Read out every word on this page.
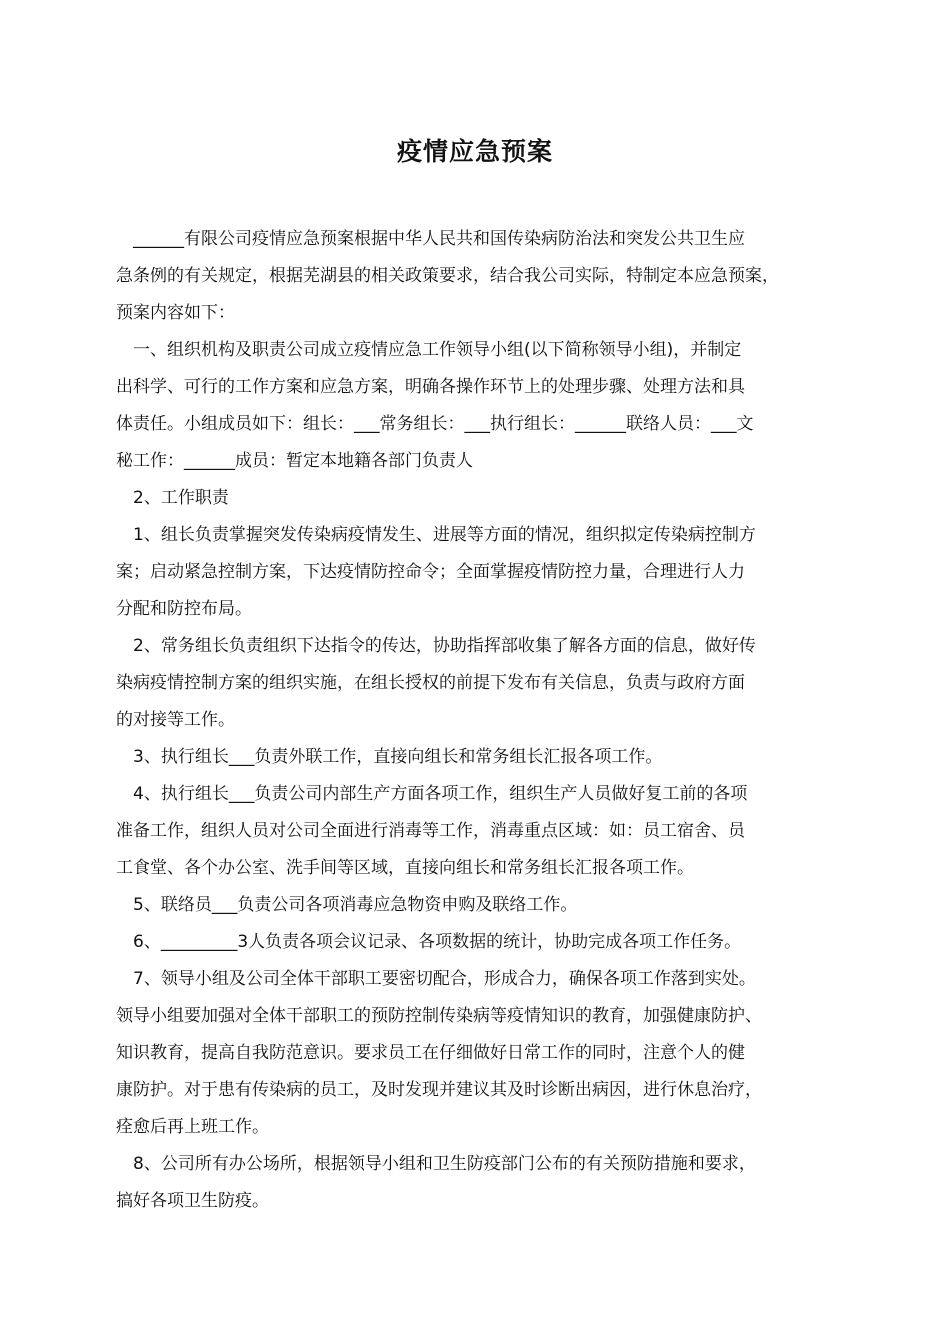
疫情应急预案

______有限公司疫情应急预案根据中华人民共和国传染病防治法和突发公共卫生应
急条例的有关规定，根据芜湖县的相关政策要求，结合我公司实际，特制定本应急预案，
预案内容如下：

一、组织机构及职责公司成立疫情应急工作领导小组(以下简称领导小组)，并制定
出科学、可行的工作方案和应急方案，明确各操作环节上的处理步骤、处理方法和具
体责任。小组成员如下：组长：___常务组长：___执行组长：______联络人员：___文
秘工作：______成员：暂定本地籍各部门负责人

2、工作职责

1、组长负责掌握突发传染病疫情发生、进展等方面的情况，组织拟定传染病控制方
案；启动紧急控制方案，下达疫情防控命令；全面掌握疫情防控力量，合理进行人力
分配和防控布局。

2、常务组长负责组织下达指令的传达，协助指挥部收集了解各方面的信息，做好传
染病疫情控制方案的组织实施，在组长授权的前提下发布有关信息，负责与政府方面
的对接等工作。

3、执行组长___负责外联工作，直接向组长和常务组长汇报各项工作。

4、执行组长___负责公司内部生产方面各项工作，组织生产人员做好复工前的各项
准备工作，组织人员对公司全面进行消毒等工作，消毒重点区域：如：员工宿舍、员
工食堂、各个办公室、洗手间等区域，直接向组长和常务组长汇报各项工作。

5、联络员___负责公司各项消毒应急物资申购及联络工作。

6、_________3人负责各项会议记录、各项数据的统计，协助完成各项工作任务。

7、领导小组及公司全体干部职工要密切配合，形成合力，确保各项工作落到实处。
领导小组要加强对全体干部职工的预防控制传染病等疫情知识的教育，加强健康防护、
知识教育，提高自我防范意识。要求员工在仔细做好日常工作的同时，注意个人的健
康防护。对于患有传染病的员工，及时发现并建议其及时诊断出病因，进行休息治疗，
痊愈后再上班工作。

8、公司所有办公场所，根据领导小组和卫生防疫部门公布的有关预防措施和要求，
搞好各项卫生防疫。
